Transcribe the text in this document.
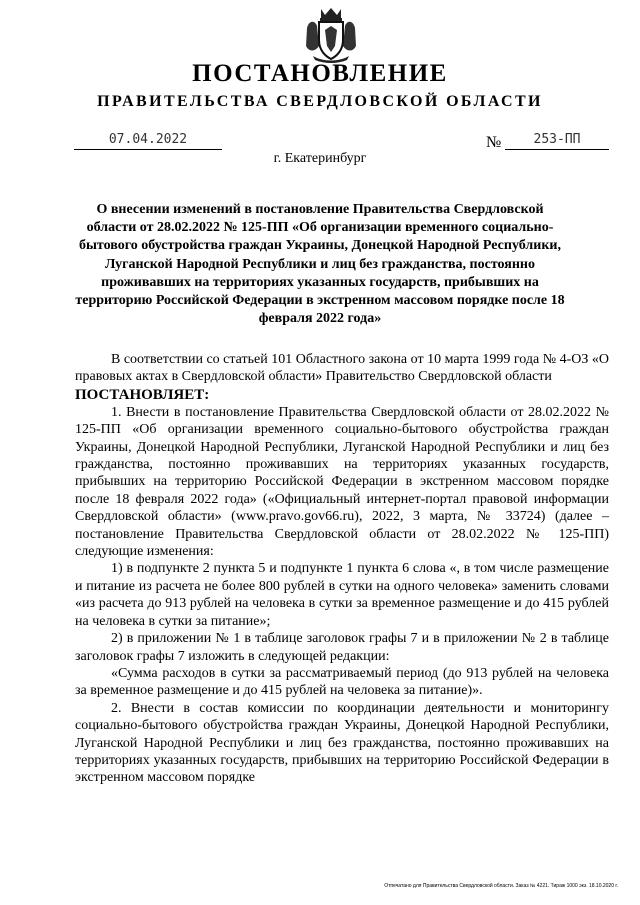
ПОСТАНОВЛЕНИЕ
ПРАВИТЕЛЬСТВА СВЕРДЛОВСКОЙ ОБЛАСТИ
07.04.2022	№	253-ПП
г. Екатеринбург
О внесении изменений в постановление Правительства Свердловской области от 28.02.2022 № 125-ПП «Об организации временного социально-бытового обустройства граждан Украины, Донецкой Народной Республики, Луганской Народной Республики и лиц без гражданства, постоянно проживавших на территориях указанных государств, прибывших на территорию Российской Федерации в экстренном массовом порядке после 18 февраля 2022 года»

В соответствии со статьей 101 Областного закона от 10 марта 1999 года № 4-ОЗ «О правовых актах в Свердловской области» Правительство Свердловской области

ПОСТАНОВЛЯЕТ:

1. Внести в постановление Правительства Свердловской области от 28.02.2022 № 125-ПП «Об организации временного социально-бытового обустройства граждан Украины, Донецкой Народной Республики, Луганской Народной Республики и лиц без гражданства, постоянно проживавших на территориях указанных государств, прибывших на территорию Российской Федерации в экстренном массовом порядке после 18 февраля 2022 года» («Официальный интернет-портал правовой информации Свердловской области» (www.pravo.gov66.ru), 2022, 3 марта, № 33724) (далее – постановление Правительства Свердловской области от 28.02.2022 № 125-ПП) следующие изменения:

1) в подпункте 2 пункта 5 и подпункте 1 пункта 6 слова «, в том числе размещение и питание из расчета не более 800 рублей в сутки на одного человека» заменить словами «из расчета до 913 рублей на человека в сутки за временное размещение и до 415 рублей на человека в сутки за питание»;

2) в приложении № 1 в таблице заголовок графы 7 и в приложении № 2 в таблице заголовок графы 7 изложить в следующей редакции:

«Сумма расходов в сутки за рассматриваемый период (до 913 рублей на человека за временное размещение и до 415 рублей на человека за питание)».

2. Внести в состав комиссии по координации деятельности и мониторингу социально-бытового обустройства граждан Украины, Донецкой Народной Республики, Луганской Народной Республики и лиц без гражданства, постоянно проживавших на территориях указанных государств, прибывших на территорию Российской Федерации в экстренном массовом порядке

Отпечатано для Правительства Свердловской области. Заказ № 4221. Тираж 1000 экз. 18.10.2020 г.
